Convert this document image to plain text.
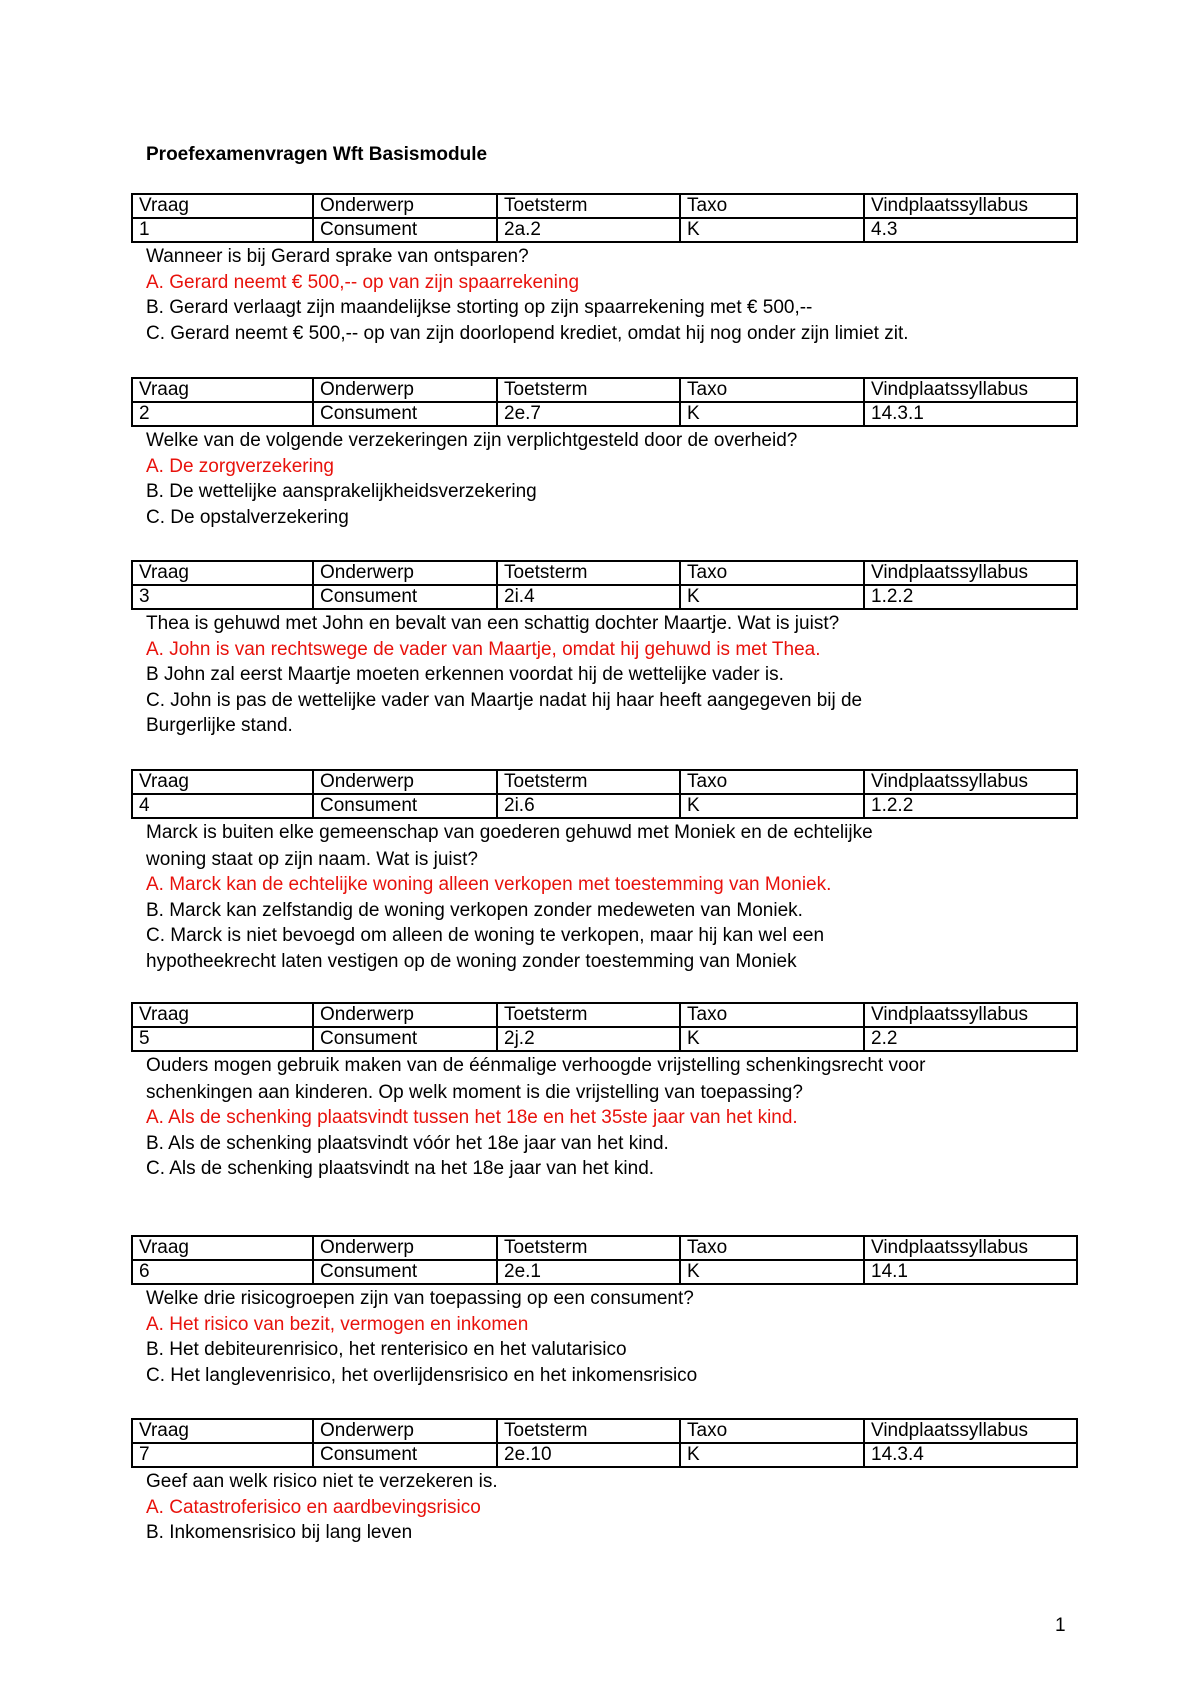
Proefexamenvragen Wft Basismodule
Vraag	Onderwerp	Toetsterm	Taxo	Vindplaatssyllabus
1	Consument	2a.2	K	4.3
Wanneer is bij Gerard sprake van ontsparen?
A. Gerard neemt € 500,-- op van zijn spaarrekening
B. Gerard verlaagt zijn maandelijkse storting op zijn spaarrekening met € 500,--
C. Gerard neemt € 500,-- op van zijn doorlopend krediet, omdat hij nog onder zijn limiet zit.
Vraag	Onderwerp	Toetsterm	Taxo	Vindplaatssyllabus
2	Consument	2e.7	K	14.3.1
Welke van de volgende verzekeringen zijn verplichtgesteld door de overheid?
A. De zorgverzekering
B. De wettelijke aansprakelijkheidsverzekering
C. De opstalverzekering
Vraag	Onderwerp	Toetsterm	Taxo	Vindplaatssyllabus
3	Consument	2i.4	K	1.2.2
Thea is gehuwd met John en bevalt van een schattig dochter Maartje. Wat is juist?
A. John is van rechtswege de vader van Maartje, omdat hij gehuwd is met Thea.
B John zal eerst Maartje moeten erkennen voordat hij de wettelijke vader is.
C. John is pas de wettelijke vader van Maartje nadat hij haar heeft aangegeven bij de
Burgerlijke stand.
Vraag	Onderwerp	Toetsterm	Taxo	Vindplaatssyllabus
4	Consument	2i.6	K	1.2.2
Marck is buiten elke gemeenschap van goederen gehuwd met Moniek en de echtelijke
woning staat op zijn naam. Wat is juist?
A. Marck kan de echtelijke woning alleen verkopen met toestemming van Moniek.
B. Marck kan zelfstandig de woning verkopen zonder medeweten van Moniek.
C. Marck is niet bevoegd om alleen de woning te verkopen, maar hij kan wel een
hypotheekrecht laten vestigen op de woning zonder toestemming van Moniek
Vraag	Onderwerp	Toetsterm	Taxo	Vindplaatssyllabus
5	Consument	2j.2	K	2.2
Ouders mogen gebruik maken van de éénmalige verhoogde vrijstelling schenkingsrecht voor
schenkingen aan kinderen. Op welk moment is die vrijstelling van toepassing?
A. Als de schenking plaatsvindt tussen het 18e en het 35ste jaar van het kind.
B. Als de schenking plaatsvindt vóór het 18e jaar van het kind.
C. Als de schenking plaatsvindt na het 18e jaar van het kind.
Vraag	Onderwerp	Toetsterm	Taxo	Vindplaatssyllabus
6	Consument	2e.1	K	14.1
Welke drie risicogroepen zijn van toepassing op een consument?
A. Het risico van bezit, vermogen en inkomen
B. Het debiteurenrisico, het renterisico en het valutarisico
C. Het langlevenrisico, het overlijdensrisico en het inkomensrisico
Vraag	Onderwerp	Toetsterm	Taxo	Vindplaatssyllabus
7	Consument	2e.10	K	14.3.4
Geef aan welk risico niet te verzekeren is.
A. Catastroferisico en aardbevingsrisico
B. Inkomensrisico bij lang leven
1
